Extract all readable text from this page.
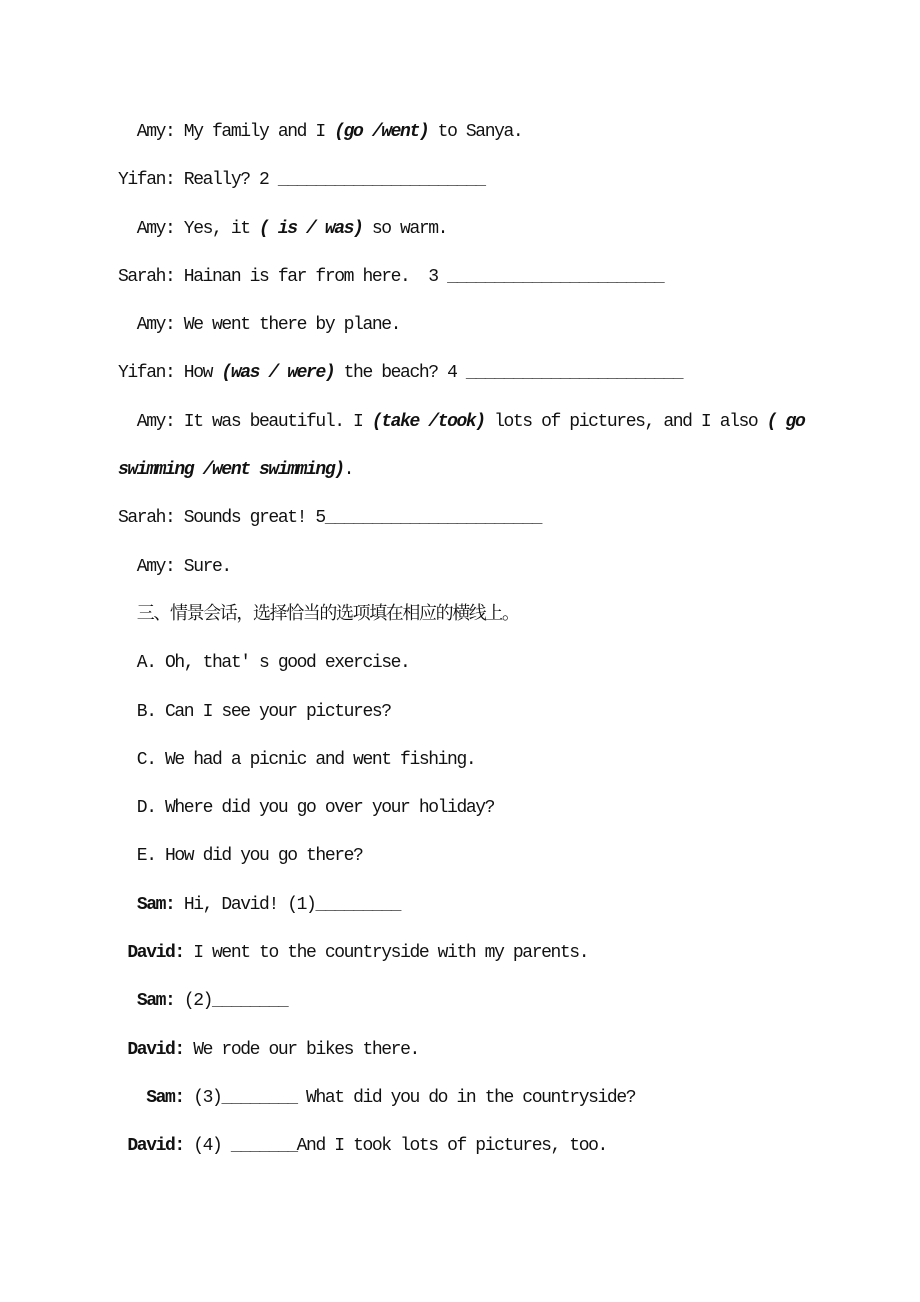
Amy: My family and I (go /went) to Sanya.
Yifan: Really? 2 ______________________
Amy: Yes, it ( is / was) so warm.
Sarah: Hainan is far from here.  3 _______________________
Amy: We went there by plane.
Yifan: How (was / were) the beach? 4 _______________________
Amy: It was beautiful. I (take /took) lots of pictures, and I also ( go
swimming /went swimming).
Sarah: Sounds great! 5_______________________
Amy: Sure.
三、情景会话，选择恰当的选项填在相应的横线上。
A. Oh, that' s good exercise.
B. Can I see your pictures?
C. We had a picnic and went fishing.
D. Where did you go over your holiday?
E. How did you go there?
Sam: Hi, David! (1)_________
David: I went to the countryside with my parents.
Sam: (2)________
David: We rode our bikes there.
Sam: (3)________ What did you do in the countryside?
David: (4) _______And I took lots of pictures, too.
